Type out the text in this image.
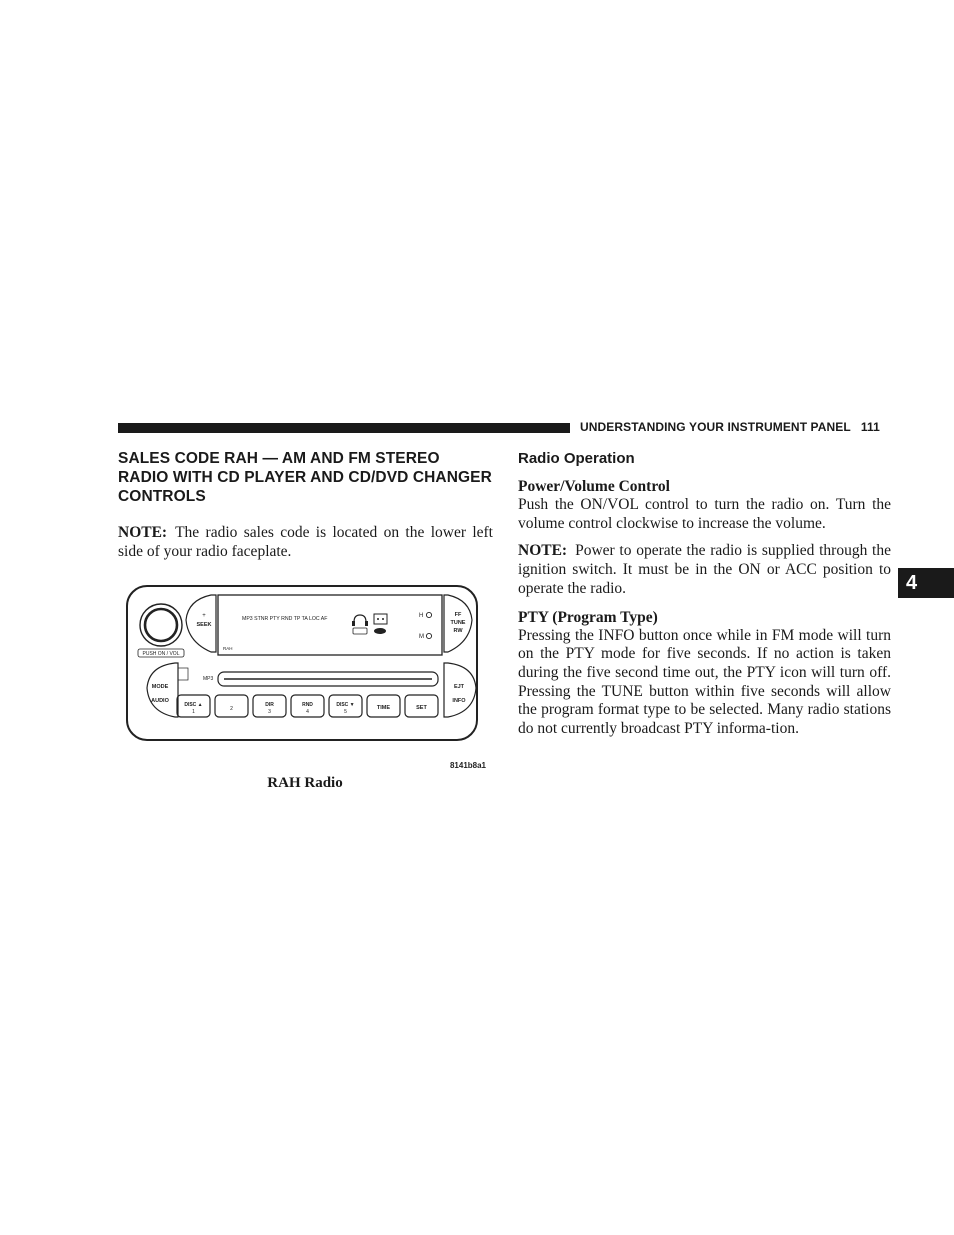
UNDERSTANDING YOUR INSTRUMENT PANEL 111
4
SALES CODE RAH — AM AND FM STEREO RADIO WITH CD PLAYER AND CD/DVD CHANGER CONTROLS

NOTE: The radio sales code is located on the lower left side of your radio faceplate.

PUSH ON / VOL
+
SEEK
MP3 STNR PTY RND TP TA LOC AF	H
M
RAH
FF
TUNE
RW
MODE
AUDIO
MP3
EJT
INFO
DISC ▲
1	2
DIR
3
RND
4
DISC ▼
5
TIME	SET
8141b8a1
RAH Radio
Radio Operation
Power/Volume Control

Push the ON/VOL control to turn the radio on. Turn the volume control clockwise to increase the volume.

NOTE: Power to operate the radio is supplied through the ignition switch. It must be in the ON or ACC position to operate the radio.

PTY (Program Type)

Pressing the INFO button once while in FM mode will turn on the PTY mode for five seconds. If no action is taken during the five second time out, the PTY icon will turn off. Pressing the TUNE button within five seconds will allow the program format type to be selected. Many radio stations do not currently broadcast PTY informa-tion.
